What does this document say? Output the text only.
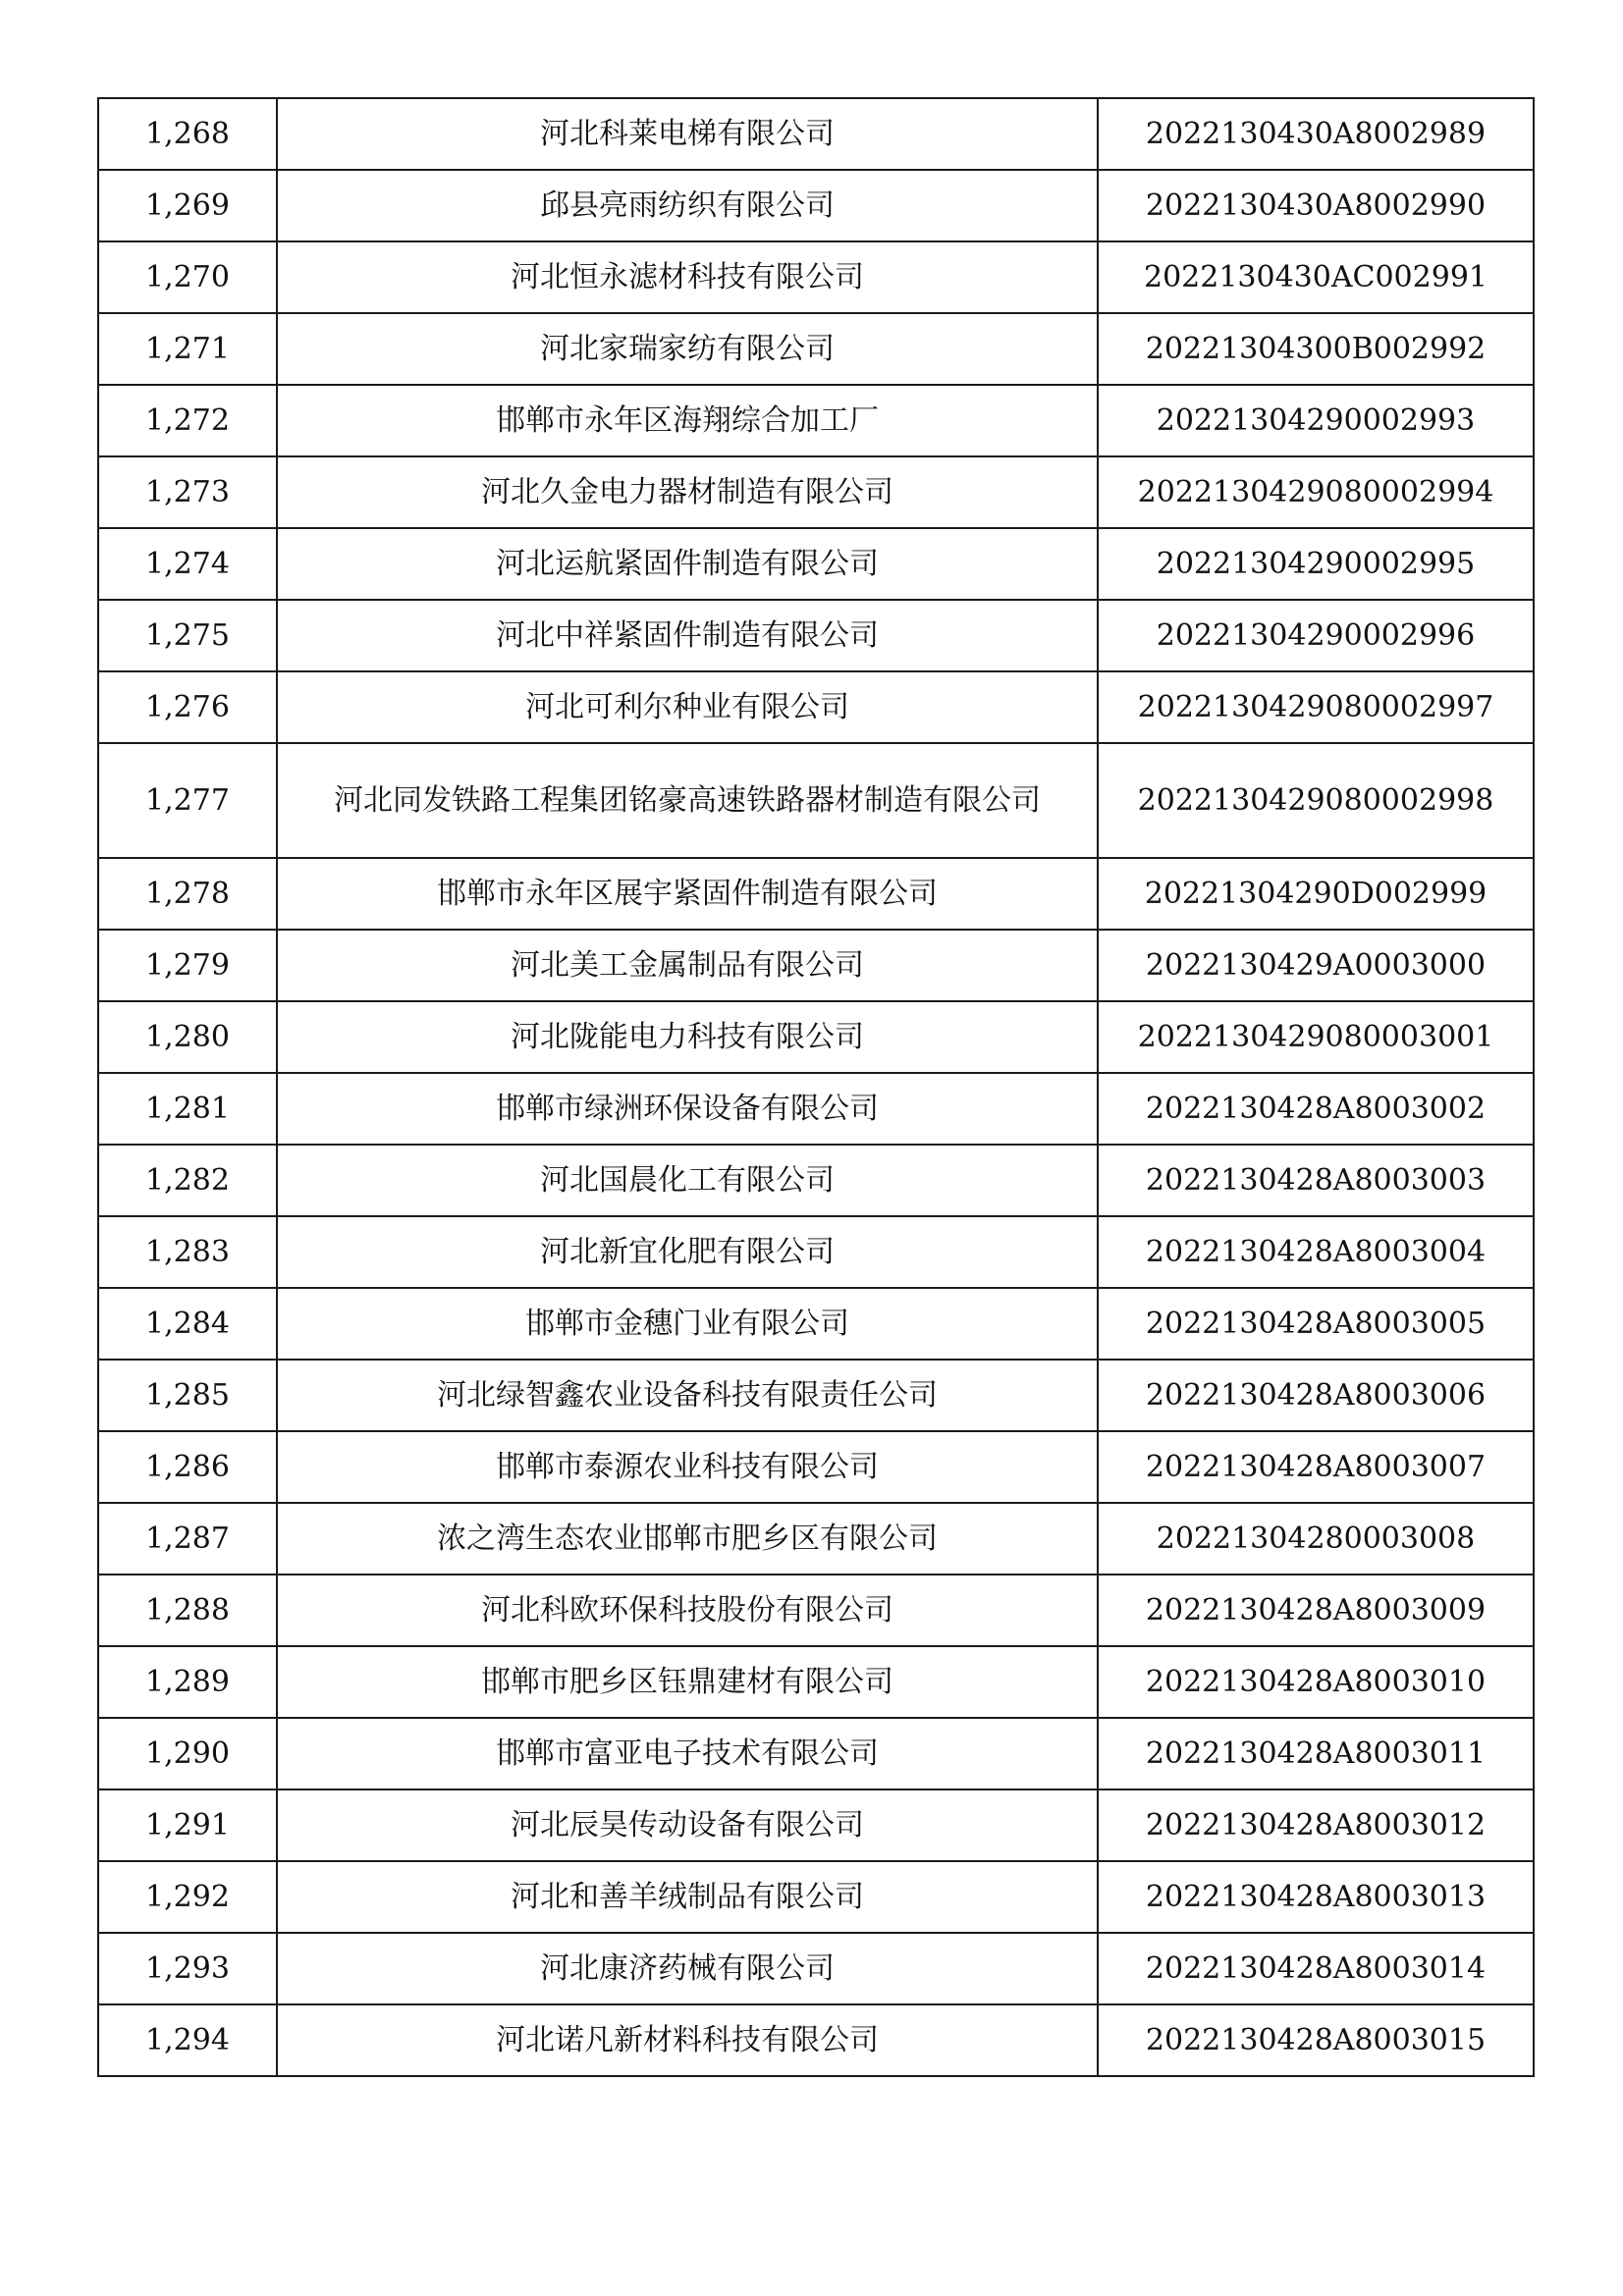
1,268	河北科莱电梯有限公司	2022130430A8002989
1,269	邱县亮雨纺织有限公司	2022130430A8002990
1,270	河北恒永滤材科技有限公司	2022130430AC002991
1,271	河北家瑞家纺有限公司	20221304300B002992
1,272	邯郸市永年区海翔综合加工厂	20221304290002993
1,273	河北久金电力器材制造有限公司	2022130429080002994
1,274	河北运航紧固件制造有限公司	20221304290002995
1,275	河北中祥紧固件制造有限公司	20221304290002996
1,276	河北可利尔种业有限公司	2022130429080002997
1,277	河北同发铁路工程集团铭豪高速铁路器材制造有限公司	2022130429080002998
1,278	邯郸市永年区展宇紧固件制造有限公司	20221304290D002999
1,279	河北美工金属制品有限公司	2022130429A0003000
1,280	河北陇能电力科技有限公司	2022130429080003001
1,281	邯郸市绿洲环保设备有限公司	2022130428A8003002
1,282	河北国晨化工有限公司	2022130428A8003003
1,283	河北新宜化肥有限公司	2022130428A8003004
1,284	邯郸市金穗门业有限公司	2022130428A8003005
1,285	河北绿智鑫农业设备科技有限责任公司	2022130428A8003006
1,286	邯郸市泰源农业科技有限公司	2022130428A8003007
1,287	浓之湾生态农业邯郸市肥乡区有限公司	20221304280003008
1,288	河北科欧环保科技股份有限公司	2022130428A8003009
1,289	邯郸市肥乡区钰鼎建材有限公司	2022130428A8003010
1,290	邯郸市富亚电子技术有限公司	2022130428A8003011
1,291	河北辰昊传动设备有限公司	2022130428A8003012
1,292	河北和善羊绒制品有限公司	2022130428A8003013
1,293	河北康济药械有限公司	2022130428A8003014
1,294	河北诺凡新材料科技有限公司	2022130428A8003015
